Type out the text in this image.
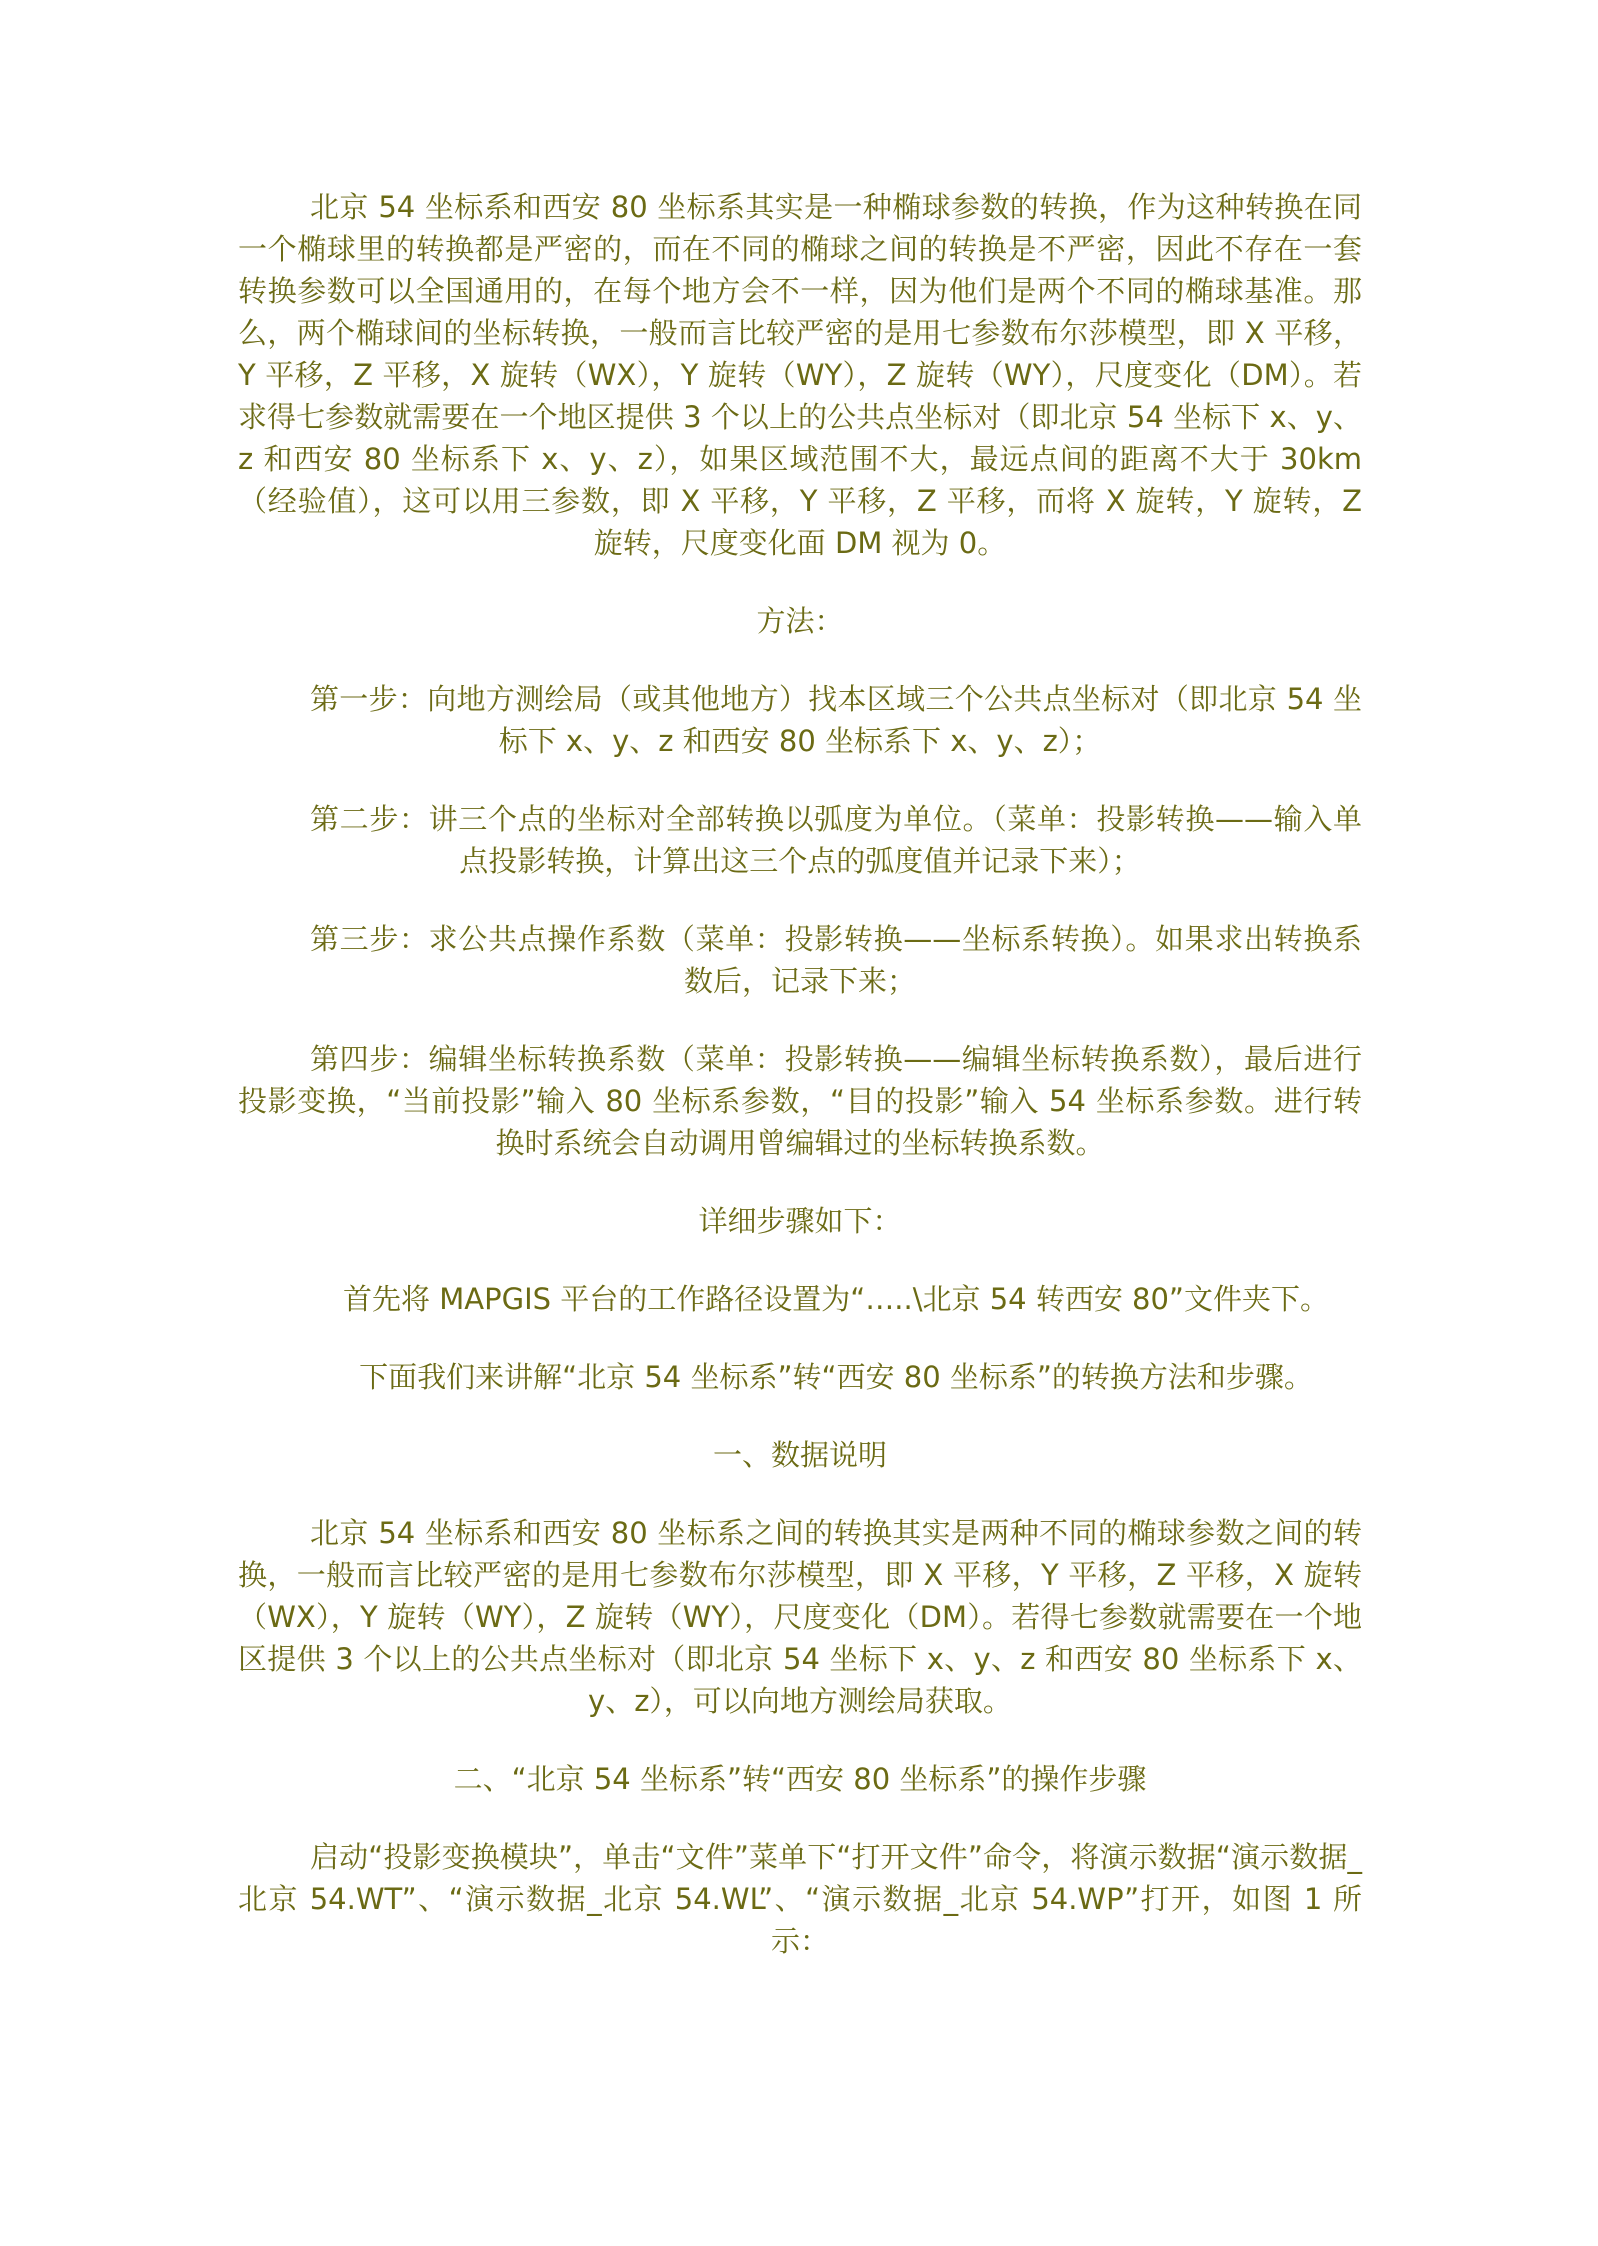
北京 54 坐标系和西安 80 坐标系其实是一种椭球参数的转换，作为这种转换在同一个椭球里的转换都是严密的，而在不同的椭球之间的转换是不严密，因此不存在一套转换参数可以全国通用的，在每个地方会不一样，因为他们是两个不同的椭球基准。那么，两个椭球间的坐标转换，一般而言比较严密的是用七参数布尔莎模型，即 X 平移，Y 平移，Z 平移，X 旋转（WX），Y 旋转（WY），Z 旋转（WY），尺度变化（DM）。若求得七参数就需要在一个地区提供 3 个以上的公共点坐标对（即北京 54 坐标下 x、y、z 和西安 80 坐标系下 x、y、z），如果区域范围不大，最远点间的距离不大于 30km（经验值），这可以用三参数，即 X 平移，Y 平移，Z 平移，而将 X 旋转，Y 旋转，Z 旋转，尺度变化面 DM 视为 0。

方法：

第一步：向地方测绘局（或其他地方）找本区域三个公共点坐标对（即北京 54 坐标下 x、y、z 和西安 80 坐标系下 x、y、z）；

第二步：讲三个点的坐标对全部转换以弧度为单位。（菜单：投影转换——输入单点投影转换，计算出这三个点的弧度值并记录下来）；

第三步：求公共点操作系数（菜单：投影转换——坐标系转换）。如果求出转换系数后，记录下来；

第四步：编辑坐标转换系数（菜单：投影转换——编辑坐标转换系数），最后进行投影变换，“当前投影”输入 80 坐标系参数，“目的投影”输入 54 坐标系参数。进行转换时系统会自动调用曾编辑过的坐标转换系数。

详细步骤如下：

首先将 MAPGIS 平台的工作路径设置为“…..\北京 54 转西安 80”文件夹下。

下面我们来讲解“北京 54 坐标系”转“西安 80 坐标系”的转换方法和步骤。

一、数据说明

北京 54 坐标系和西安 80 坐标系之间的转换其实是两种不同的椭球参数之间的转换，一般而言比较严密的是用七参数布尔莎模型，即 X 平移，Y 平移，Z 平移，X 旋转（WX），Y 旋转（WY），Z 旋转（WY），尺度变化（DM）。若得七参数就需要在一个地区提供 3 个以上的公共点坐标对（即北京 54 坐标下 x、y、z 和西安 80 坐标系下 x、y、z），可以向地方测绘局获取。

二、“北京 54 坐标系”转“西安 80 坐标系”的操作步骤

启动“投影变换模块”，单击“文件”菜单下“打开文件”命令，将演示数据“演示数据_北京 54.WT”、“演示数据_北京 54.WL”、“演示数据_北京 54.WP”打开，如图 1 所示：
